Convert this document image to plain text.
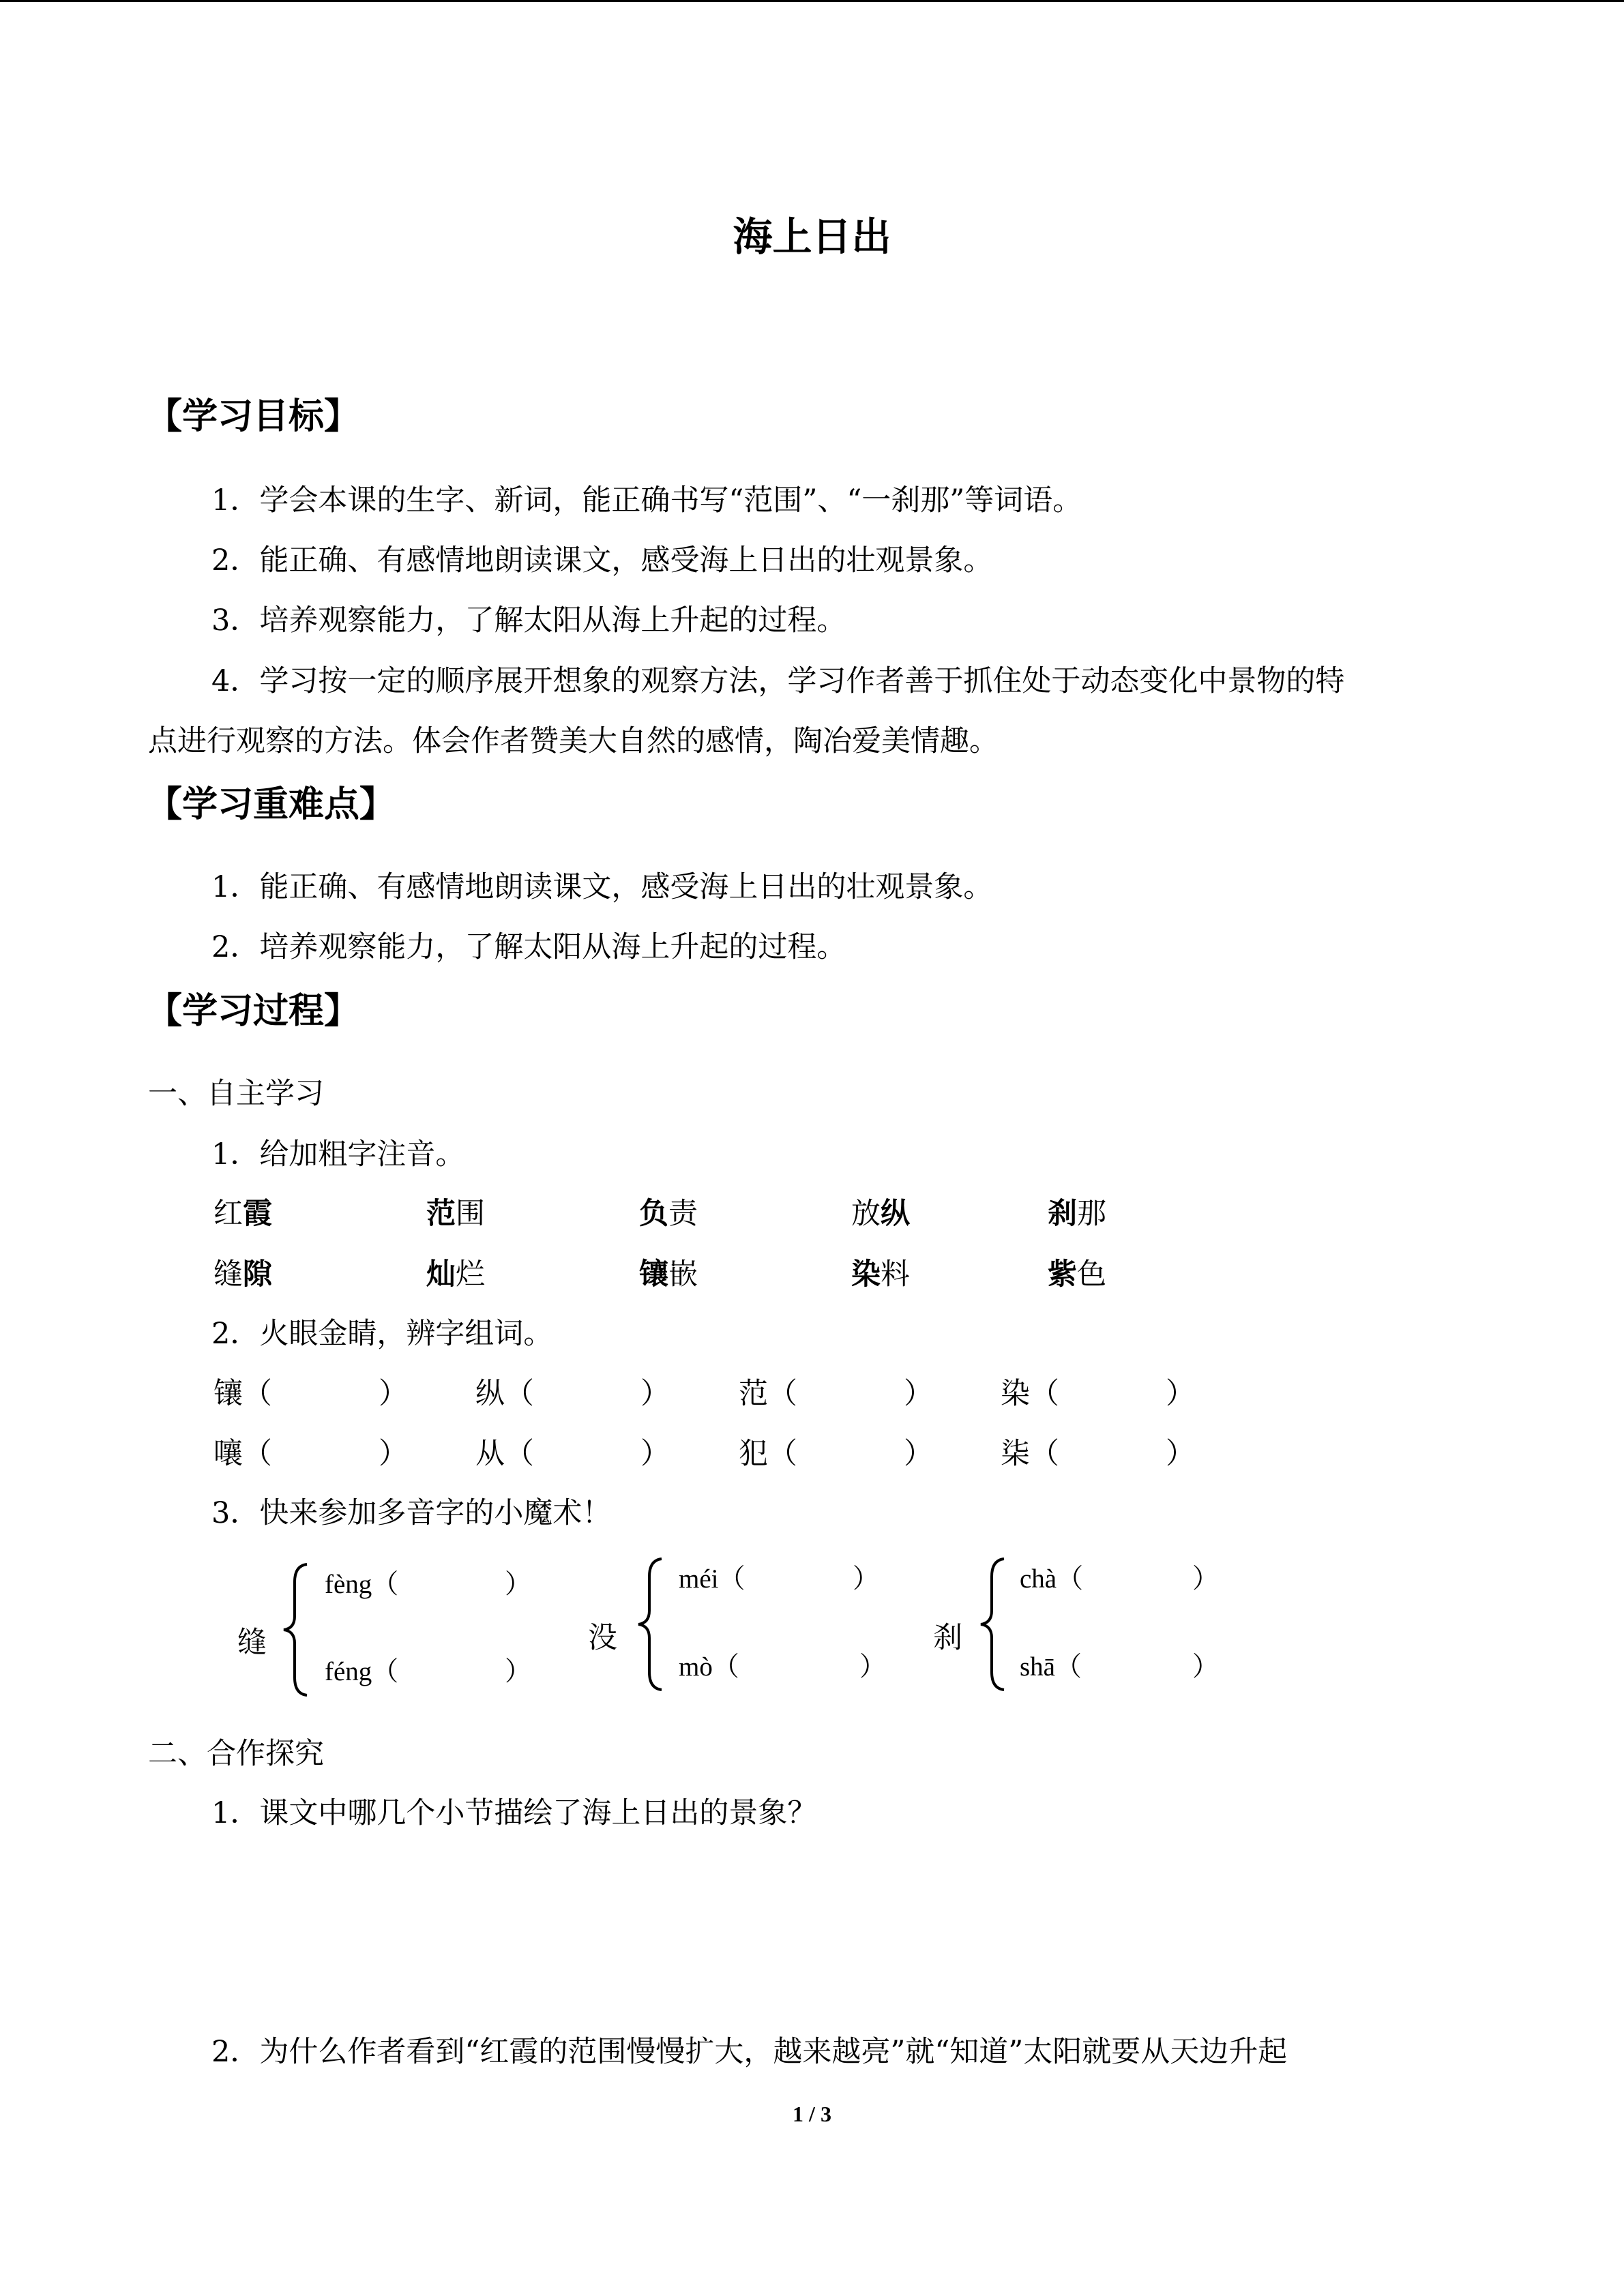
海上日出
【学习目标】
1．学会本课的生字、新词，能正确书写“范围”、“一刹那”等词语。
2．能正确、有感情地朗读课文，感受海上日出的壮观景象。
3．培养观察能力，了解太阳从海上升起的过程。
4．学习按一定的顺序展开想象的观察方法，学习作者善于抓住处于动态变化中景物的特
点进行观察的方法。体会作者赞美大自然的感情，陶冶爱美情趣。
【学习重难点】
1．能正确、有感情地朗读课文，感受海上日出的壮观景象。
2．培养观察能力，了解太阳从海上升起的过程。
【学习过程】
一、自主学习
1．给加粗字注音。
红霞	范围	负责	放纵	刹那
缝隙	灿烂	镶嵌	染料	紫色
2．火眼金睛，辨字组词。
镶（	） 纵（	） 范（	） 染（	）
嚷（	） 从（	） 犯（	） 柒（	）
3．快来参加多音字的小魔术！
缝
fèng（	）
féng（	）
没
méi（	）
mò（	）
刹
chà（	）
shā（	）
二、合作探究
1．课文中哪几个小节描绘了海上日出的景象？
2．为什么作者看到“红霞的范围慢慢扩大，越来越亮”就“知道”太阳就要从天边升起
1 / 3
